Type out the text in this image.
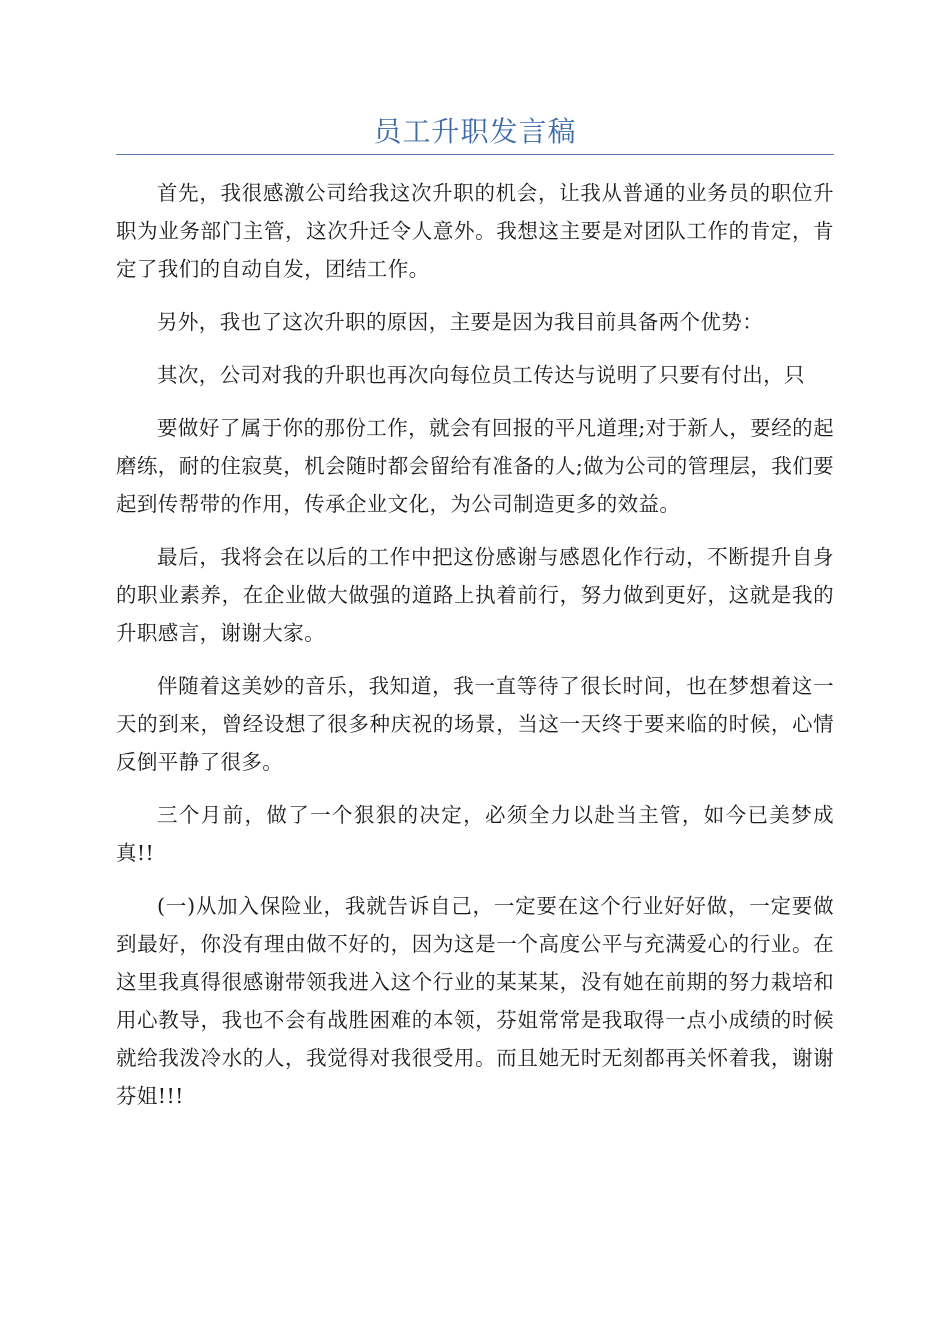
员工升职发言稿

首先，我很感激公司给我这次升职的机会，让我从普通的业务员的职位升职为业务部门主管，这次升迁令人意外。我想这主要是对团队工作的肯定，肯定了我们的自动自发，团结工作。

另外，我也了这次升职的原因，主要是因为我目前具备两个优势：

其次，公司对我的升职也再次向每位员工传达与说明了只要有付出，只

要做好了属于你的那份工作，就会有回报的平凡道理;对于新人，要经的起磨练，耐的住寂莫，机会随时都会留给有准备的人;做为公司的管理层，我们要起到传帮带的作用，传承企业文化，为公司制造更多的效益。

最后，我将会在以后的工作中把这份感谢与感恩化作行动，不断提升自身的职业素养，在企业做大做强的道路上执着前行，努力做到更好，这就是我的升职感言，谢谢大家。

伴随着这美妙的音乐，我知道，我一直等待了很长时间，也在梦想着这一天的到来，曾经设想了很多种庆祝的场景，当这一天终于要来临的时候，心情反倒平静了很多。

三个月前，做了一个狠狠的决定，必须全力以赴当主管，如今已美梦成真!!

(一)从加入保险业，我就告诉自己，一定要在这个行业好好做，一定要做到最好，你没有理由做不好的，因为这是一个高度公平与充满爱心的行业。在这里我真得很感谢带领我进入这个行业的某某某，没有她在前期的努力栽培和用心教导，我也不会有战胜困难的本领，芬姐常常是我取得一点小成绩的时候就给我泼冷水的人，我觉得对我很受用。而且她无时无刻都再关怀着我，谢谢芬姐!!!
